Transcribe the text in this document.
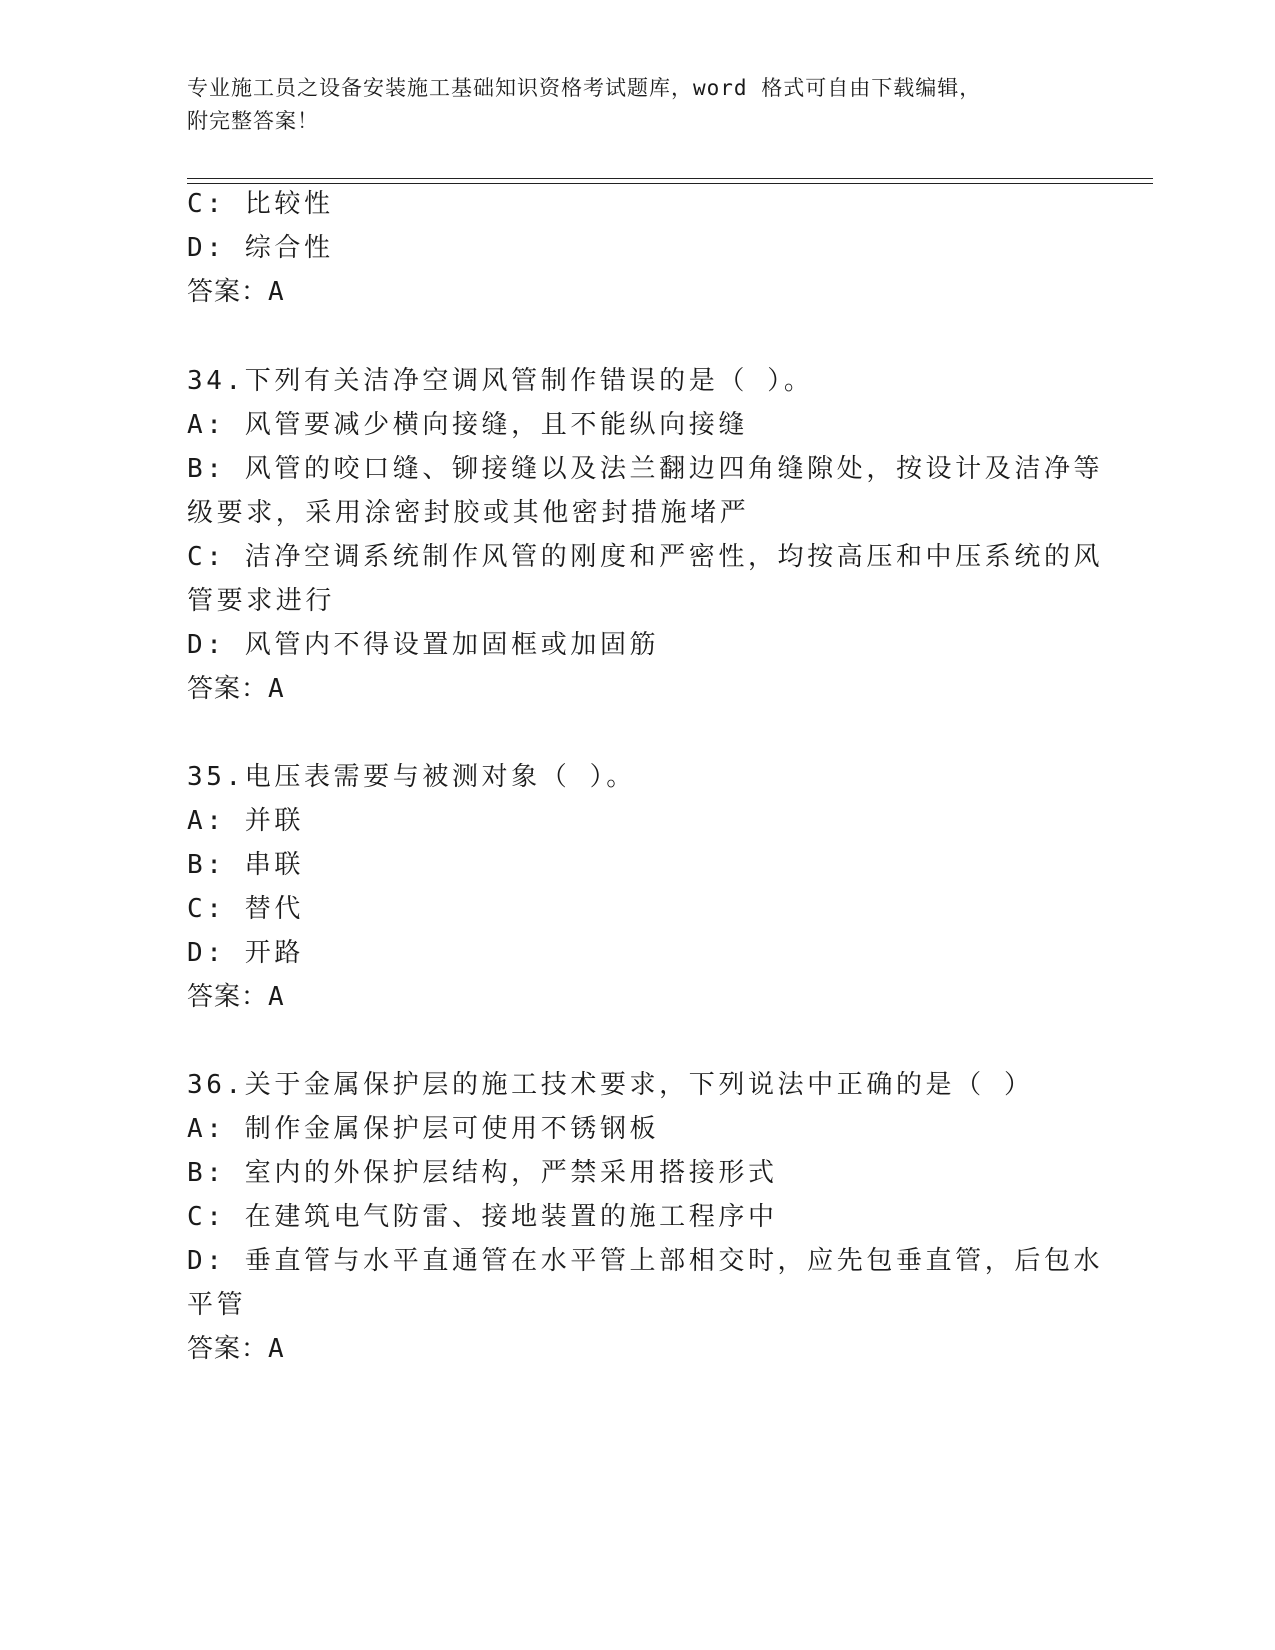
专业施工员之设备安装施工基础知识资格考试题库，word 格式可自由下载编辑，
附完整答案！
C: 比较性
D: 综合性
答案：A
34.下列有关洁净空调风管制作错误的是（ ）。
A: 风管要减少横向接缝，且不能纵向接缝
B: 风管的咬口缝、铆接缝以及法兰翻边四角缝隙处，按设计及洁净等
级要求，采用涂密封胶或其他密封措施堵严
C: 洁净空调系统制作风管的刚度和严密性，均按高压和中压系统的风
管要求进行
D: 风管内不得设置加固框或加固筋
答案：A
35.电压表需要与被测对象（ ）。
A: 并联
B: 串联
C: 替代
D: 开路
答案：A
36.关于金属保护层的施工技术要求，下列说法中正确的是（ ）
A: 制作金属保护层可使用不锈钢板
B: 室内的外保护层结构，严禁采用搭接形式
C: 在建筑电气防雷、接地装置的施工程序中
D: 垂直管与水平直通管在水平管上部相交时，应先包垂直管，后包水
平管
答案：A
